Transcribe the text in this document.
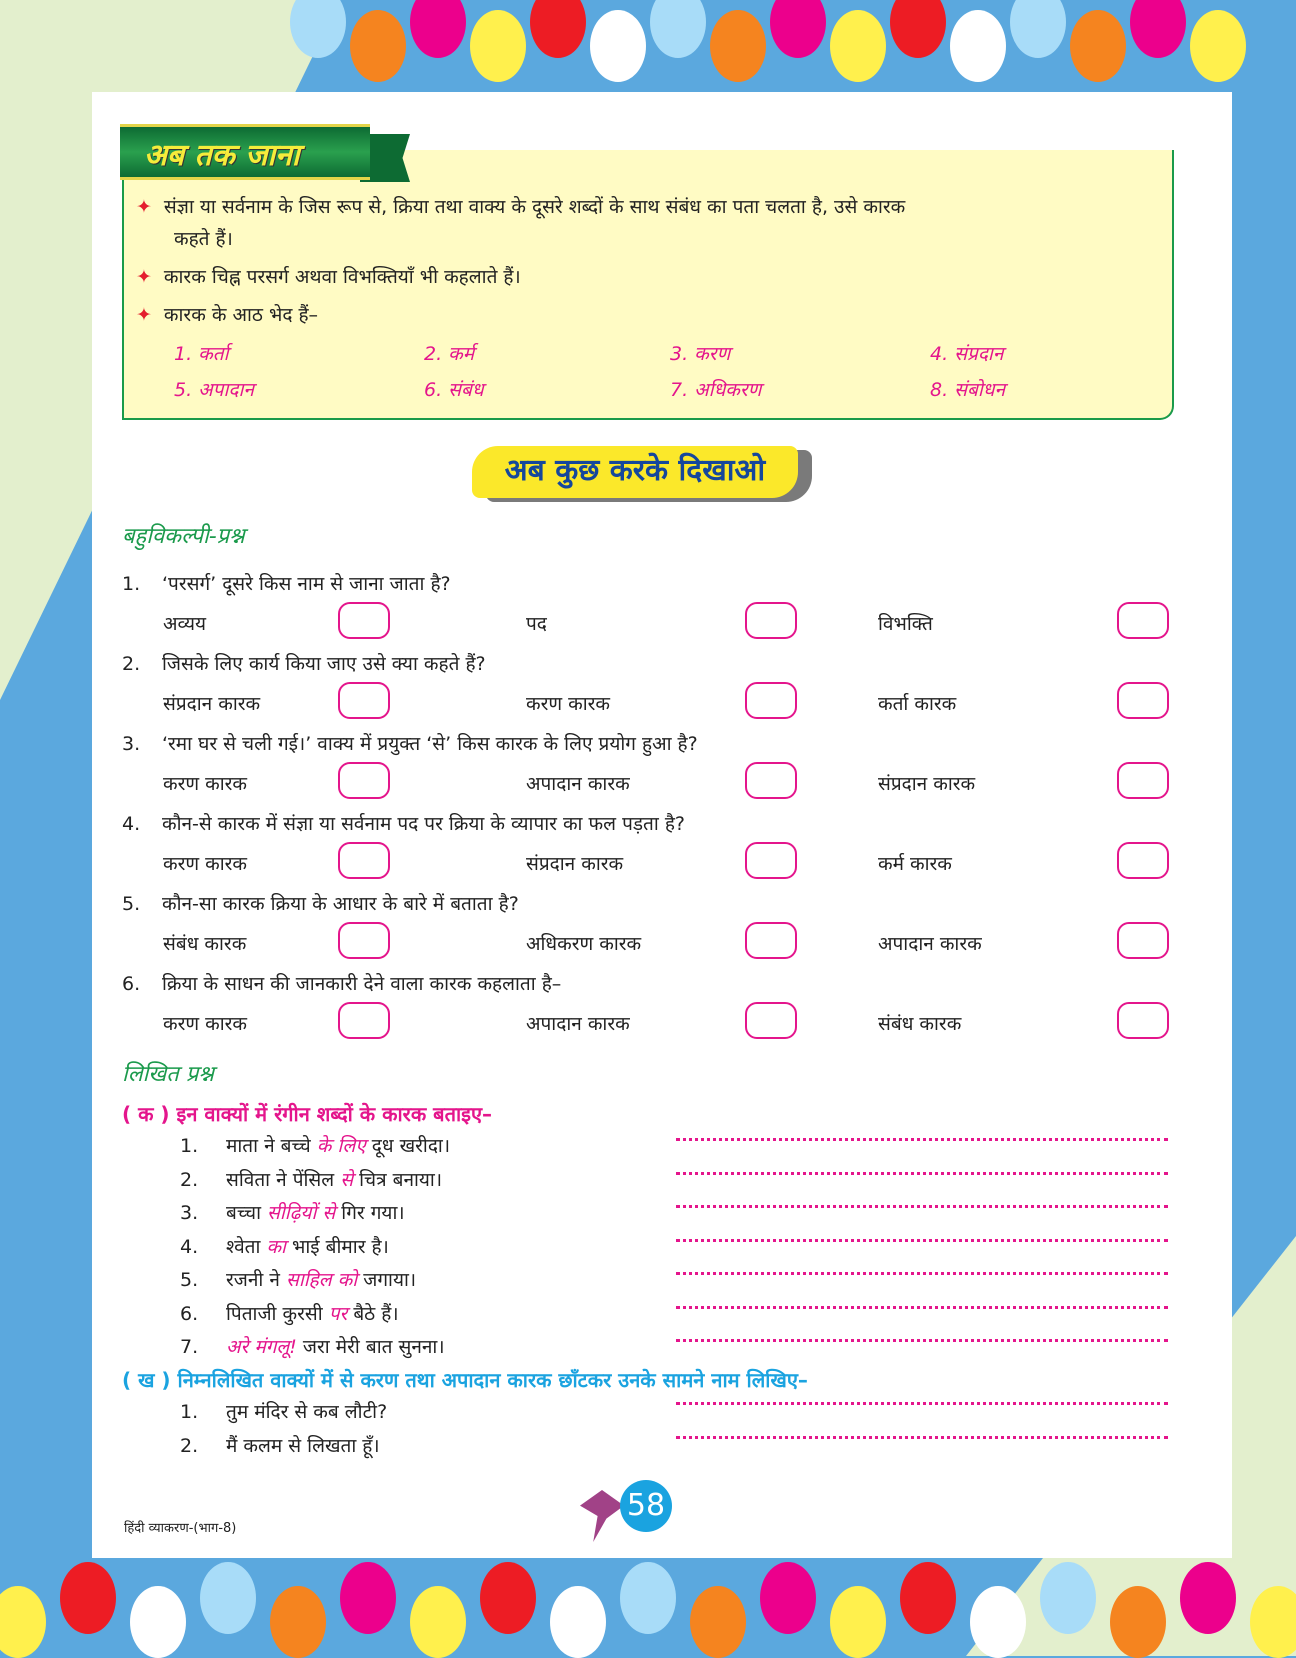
✦ संज्ञा या सर्वनाम के जिस रूप से, क्रिया तथा वाक्य के दूसरे शब्दों के साथ संबंध का पता चलता है, उसे कारक
कहते हैं।
✦ कारक चिह्न परसर्ग अथवा विभक्तियाँ भी कहलाते हैं।
✦ कारक के आठ भेद हैं–
1. कर्ता	2. कर्म	3. करण	4. संप्रदान
5. अपादान	6. संबंध	7. अधिकरण	8. संबोधन
अब तक जाना
अब कुछ करके दिखाओ
बहुविकल्पी-प्रश्न
1. ‘परसर्ग’ दूसरे किस नाम से जाना जाता है?
अव्यय	पद	विभक्ति
2. जिसके लिए कार्य किया जाए उसे क्या कहते हैं?
संप्रदान कारक	करण कारक	कर्ता कारक
3. ‘रमा घर से चली गई।’ वाक्य में प्रयुक्त ‘से’ किस कारक के लिए प्रयोग हुआ है?
करण कारक	अपादान कारक	संप्रदान कारक
4. कौन-से कारक में संज्ञा या सर्वनाम पद पर क्रिया के व्यापार का फल पड़ता है?
करण कारक	संप्रदान कारक	कर्म कारक
5. कौन-सा कारक क्रिया के आधार के बारे में बताता है?
संबंध कारक	अधिकरण कारक	अपादान कारक
6. क्रिया के साधन की जानकारी देने वाला कारक कहलाता है–
करण कारक	अपादान कारक	संबंध कारक
लिखित प्रश्न
( क ) इन वाक्यों में रंगीन शब्दों के कारक बताइए–
1. माता ने बच्चे के लिए दूध खरीदा।
2. सविता ने पेंसिल से चित्र बनाया।
3. बच्चा सीढ़ियों से गिर गया।
4. श्वेता का भाई बीमार है।
5. रजनी ने साहिल को जगाया।
6. पिताजी कुरसी पर बैठे हैं।
7. अरे मंगलू! जरा मेरी बात सुनना।
( ख ) निम्नलिखित वाक्यों में से करण तथा अपादान कारक छाँटकर उनके सामने नाम लिखिए–
1. तुम मंदिर से कब लौटी?
2. मैं कलम से लिखता हूँ।
हिंदी व्याकरण-(भाग-8)
58
